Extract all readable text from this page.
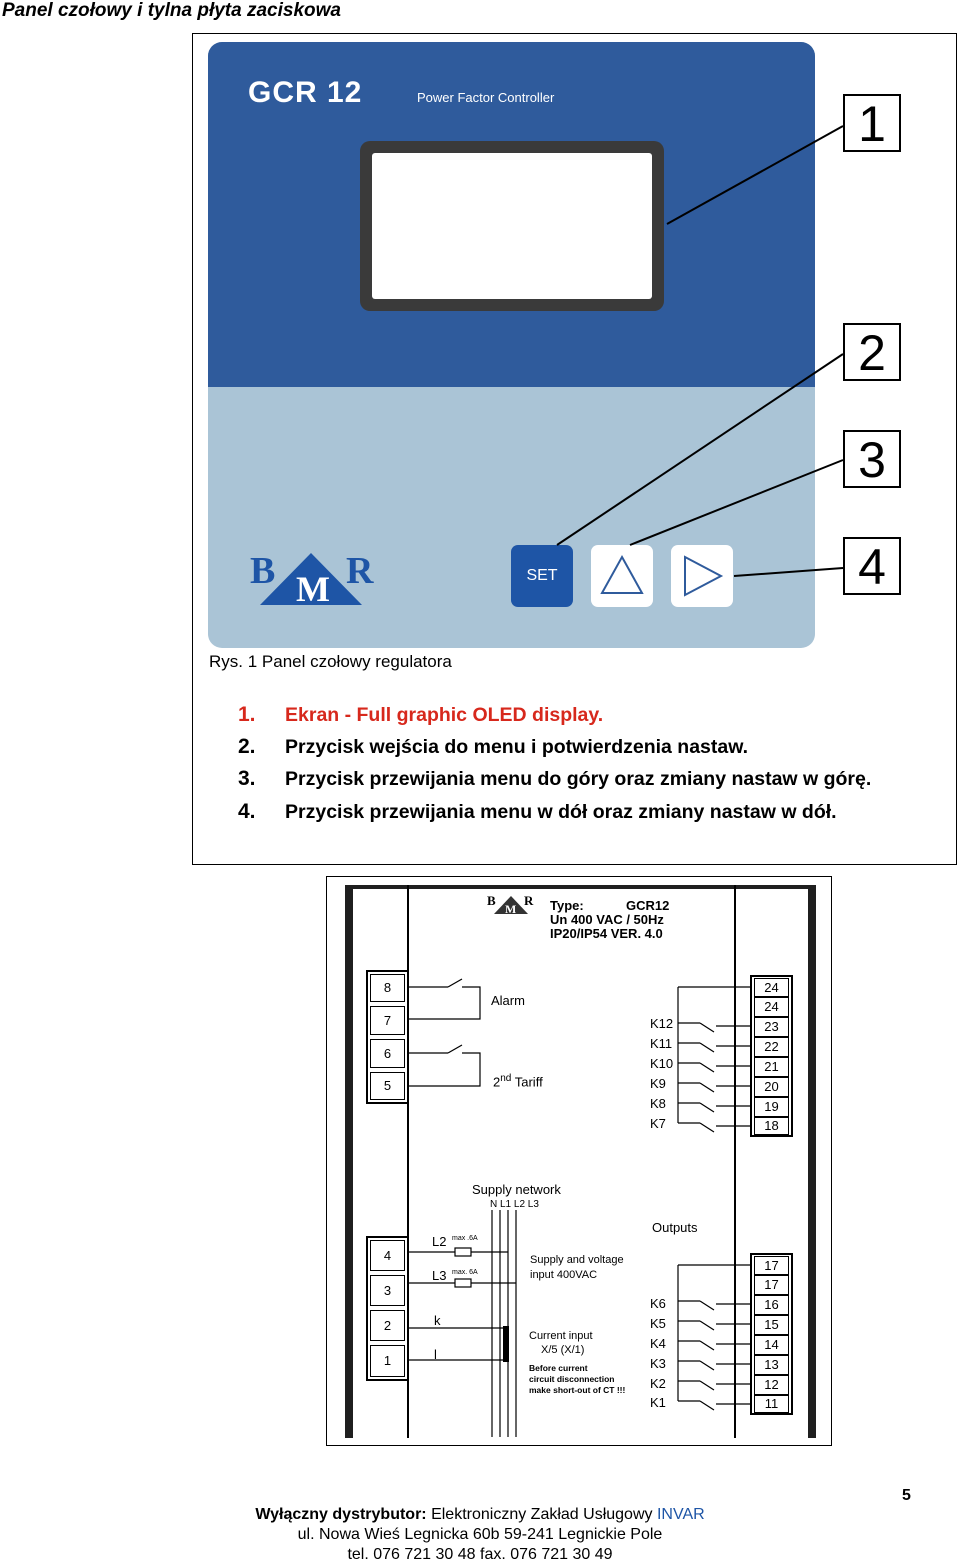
Panel czołowy i tylna płyta zaciskowa
GCR 12	Power Factor Controller
B M R	SET
1
2
3
4
Rys. 1 Panel czołowy regulatora
1. Ekran - Full graphic OLED display.
2. Przycisk wejścia do menu i potwierdzenia nastaw.
3. Przycisk przewijania menu do góry oraz zmiany nastaw w górę.
4. Przycisk przewijania menu w dół oraz zmiany nastaw w dół.
B
M
R Type:	GCR12
Un 400 VAC / 50Hz
IP20/IP54 VER. 4.0
8
7
6
5
4
3
2
1
24
24
23
22
21
20
19
18
17
17
16
15
14
13
12
11
Alarm
2nd Tariff
K12
K11
K10
K9
K8
K7
Supply network
N L1 L2 L3
Outputs
L2 max .6A
L3 max. 6A
k
l
Supply and voltage
input 400VAC
Current input
X/5 (X/1)
Before current
circuit disconnection
make short-out of CT !!!
K6
K5
K4
K3
K2
K1
5
Wyłączny dystrybutor: Elektroniczny Zakład Usługowy INVAR
ul. Nowa Wieś Legnicka 60b 59-241 Legnickie Pole
tel. 076 721 30 48 fax. 076 721 30 49
